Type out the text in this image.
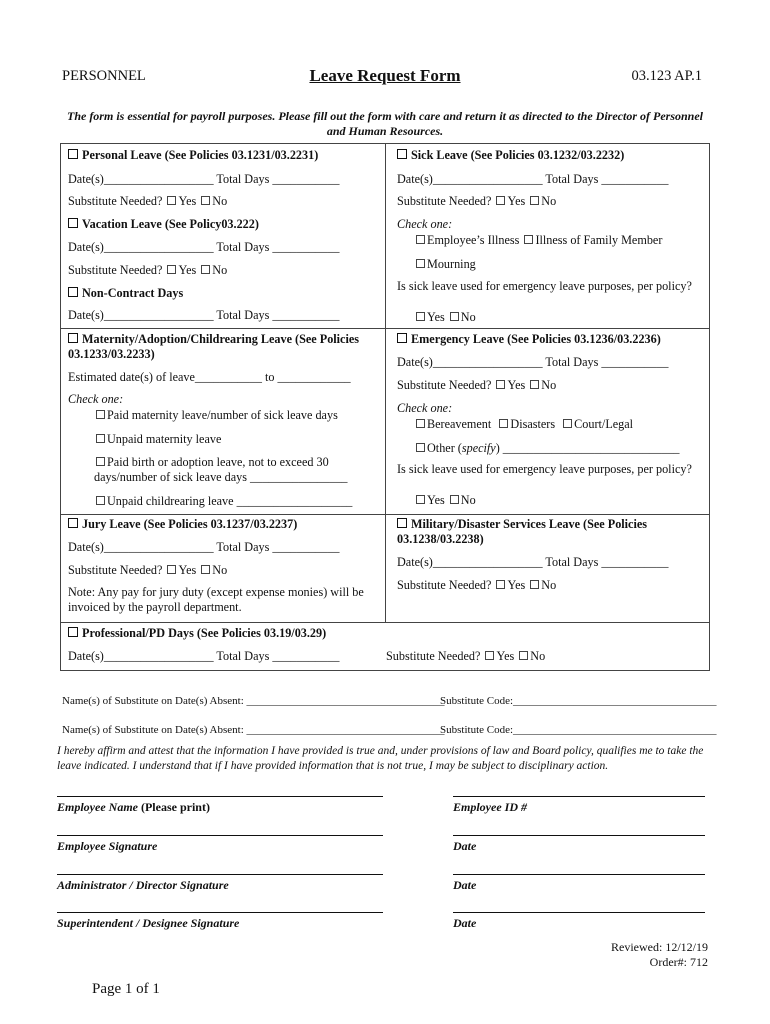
PERSONNEL	Leave Request Form	03.123 AP.1
The form is essential for payroll purposes. Please fill out the form with care and return it as directed to the Director of Personnel and Human Resources.
Personal Leave (See Policies 03.1231/03.2231)
Date(s)__________________ Total Days ___________
Substitute Needed? Yes No
Vacation Leave (See Policy03.222)
Date(s)__________________ Total Days ___________
Substitute Needed? Yes No
Non-Contract Days
Date(s)__________________ Total Days ___________
Sick Leave (See Policies 03.1232/03.2232)
Date(s)__________________ Total Days ___________
Substitute Needed? Yes No
Check one:
Employee’s Illness Illness of Family Member
Mourning
Is sick leave used for emergency leave purposes, per policy?
Yes No
Maternity/Adoption/Childrearing Leave (See Policies 03.1233/03.2233)
Estimated date(s) of leave___________ to ____________
Check one:
Paid maternity leave/number of sick leave days
Unpaid maternity leave
Paid birth or adoption leave, not to exceed 30 days/number of sick leave days ________________
Unpaid childrearing leave ___________________
Emergency Leave (See Policies 03.1236/03.2236)
Date(s)__________________ Total Days ___________
Substitute Needed? Yes No
Check one:
Bereavement Disasters Court/Legal
Other (specify) _____________________________
Is sick leave used for emergency leave purposes, per policy?
Yes No
Jury Leave (See Policies 03.1237/03.2237)
Date(s)__________________ Total Days ___________
Substitute Needed? Yes No
Note: Any pay for jury duty (except expense monies) will be invoiced by the payroll department.
Military/Disaster Services Leave (See Policies 03.1238/03.2238)
Date(s)__________________ Total Days ___________
Substitute Needed? Yes No
Professional/PD Days (See Policies 03.19/03.29)
Date(s)__________________ Total Days ___________	Substitute Needed? Yes No
Name(s) of Substitute on Date(s) Absent: ____________________________________
Substitute Code:_____________________________________
Name(s) of Substitute on Date(s) Absent: ____________________________________
Substitute Code:_____________________________________
I hereby affirm and attest that the information I have provided is true and, under provisions of law and Board policy, qualifies me to take the leave indicated. I understand that if I have provided information that is not true, I may be subject to disciplinary action.
Employee Name (Please print)	Employee ID #
Employee Signature	Date
Administrator / Director Signature	Date
Superintendent / Designee Signature	Date
Reviewed: 12/12/19
Order#: 712
Page 1 of 1
